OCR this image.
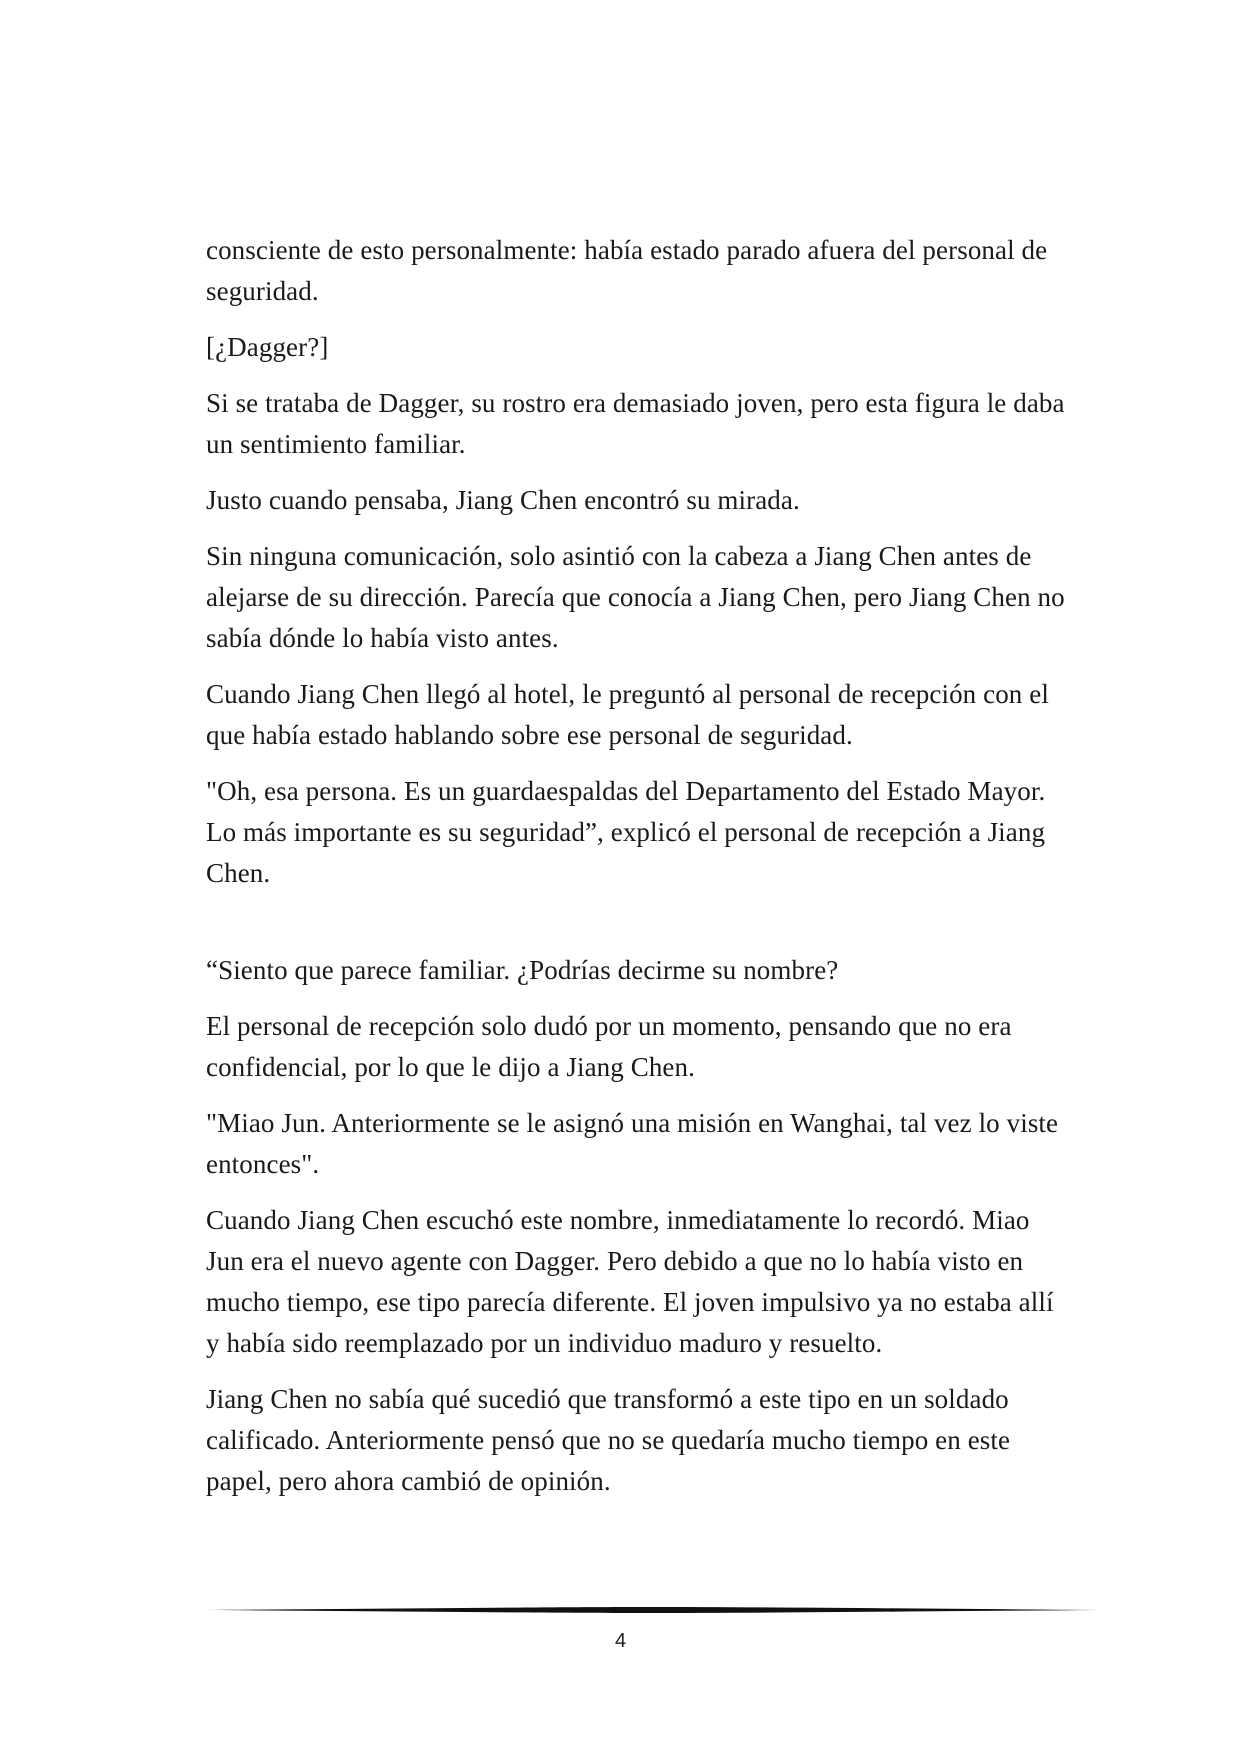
consciente de esto personalmente: había estado parado afuera del personal de seguridad.

[¿Dagger?]

Si se trataba de Dagger, su rostro era demasiado joven, pero esta figura le daba un sentimiento familiar.

Justo cuando pensaba, Jiang Chen encontró su mirada.

Sin ninguna comunicación, solo asintió con la cabeza a Jiang Chen antes de alejarse de su dirección. Parecía que conocía a Jiang Chen, pero Jiang Chen no sabía dónde lo había visto antes.

Cuando Jiang Chen llegó al hotel, le preguntó al personal de recepción con el que había estado hablando sobre ese personal de seguridad.

"Oh, esa persona. Es un guardaespaldas del Departamento del Estado Mayor. Lo más importante es su seguridad”, explicó el personal de recepción a Jiang Chen.

“Siento que parece familiar. ¿Podrías decirme su nombre?

El personal de recepción solo dudó por un momento, pensando que no era confidencial, por lo que le dijo a Jiang Chen.

"Miao Jun. Anteriormente se le asignó una misión en Wanghai, tal vez lo viste entonces".

Cuando Jiang Chen escuchó este nombre, inmediatamente lo recordó. Miao Jun era el nuevo agente con Dagger. Pero debido a que no lo había visto en mucho tiempo, ese tipo parecía diferente. El joven impulsivo ya no estaba allí y había sido reemplazado por un individuo maduro y resuelto.

Jiang Chen no sabía qué sucedió que transformó a este tipo en un soldado calificado. Anteriormente pensó que no se quedaría mucho tiempo en este papel, pero ahora cambió de opinión.

4
